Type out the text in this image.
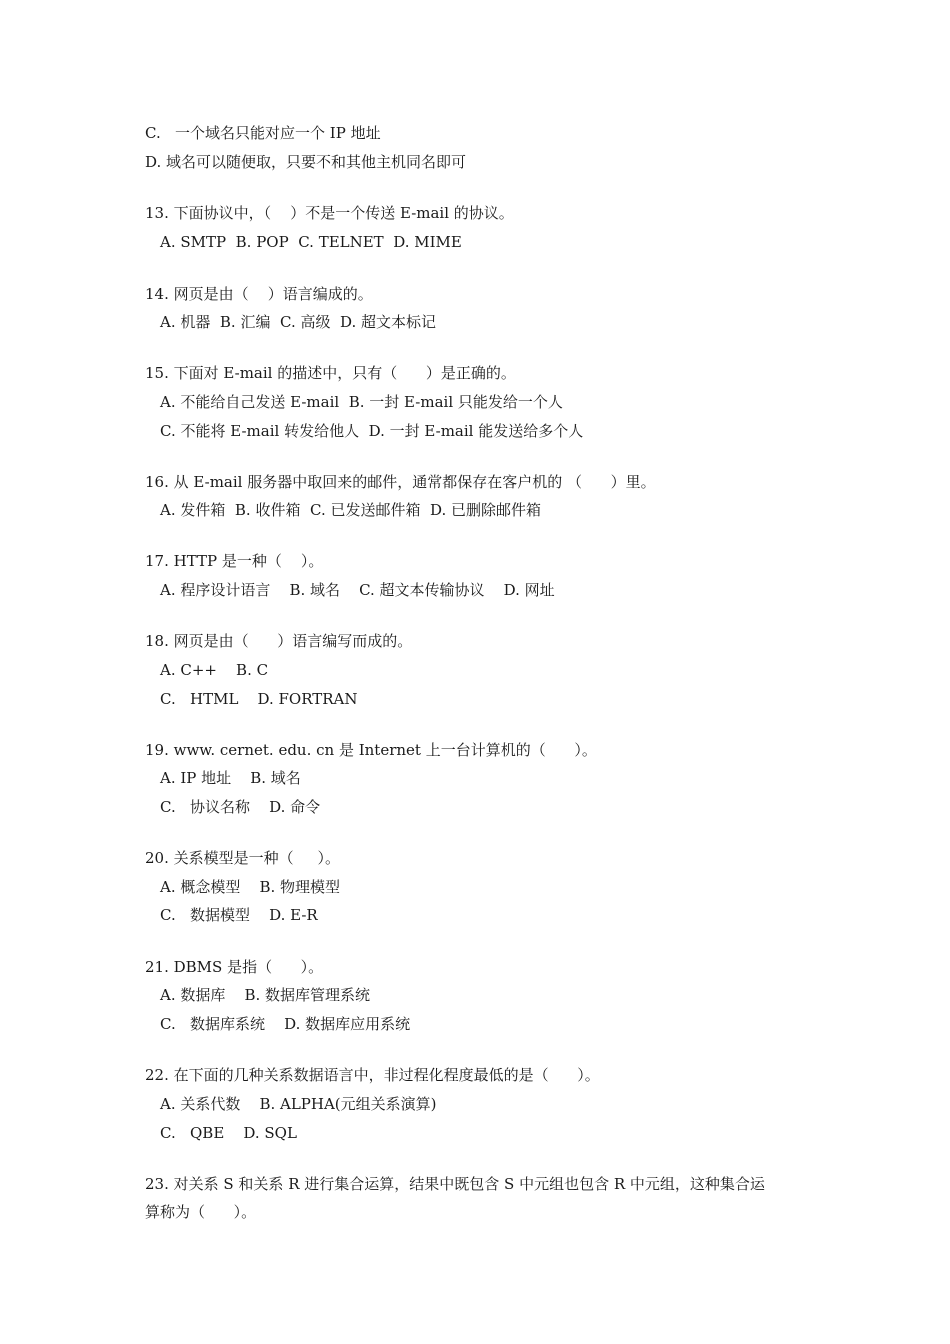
C.   一个域名只能对应一个 IP 地址
D. 域名可以随便取，只要不和其他主机同名即可
13. 下面协议中，（    ）不是一个传送 E-mail 的协议。
A. SMTP  B. POP  C. TELNET  D. MIME
14. 网页是由（    ）语言编成的。
A. 机器  B. 汇编  C. 高级  D. 超文本标记
15. 下面对 E-mail 的描述中，只有（      ）是正确的。
A. 不能给自己发送 E-mail  B. 一封 E-mail 只能发给一个人
C. 不能将 E-mail 转发给他人  D. 一封 E-mail 能发送给多个人
16. 从 E-mail 服务器中取回来的邮件，通常都保存在客户机的 （      ）里。
A. 发件箱  B. 收件箱  C. 已发送邮件箱  D. 已删除邮件箱
17. HTTP 是一种（    ）。
A. 程序设计语言    B. 域名    C. 超文本传输协议    D. 网址
18. 网页是由（      ）语言编写而成的。
A. C++    B. C
C.   HTML    D. FORTRAN
19. www. cernet. edu. cn 是 Internet 上一台计算机的（      ）。
A. IP 地址    B. 域名
C.   协议名称    D. 命令
20. 关系模型是一种（     ）。
A. 概念模型    B. 物理模型
C.   数据模型    D. E-R
21. DBMS 是指（      ）。
A. 数据库    B. 数据库管理系统
C.   数据库系统    D. 数据库应用系统
22. 在下面的几种关系数据语言中，非过程化程度最低的是（      ）。
A. 关系代数    B. ALPHA(元组关系演算)
C.   QBE    D. SQL
23. 对关系 S 和关系 R 进行集合运算，结果中既包含 S 中元组也包含 R 中元组，这种集合运
算称为（      ）。
